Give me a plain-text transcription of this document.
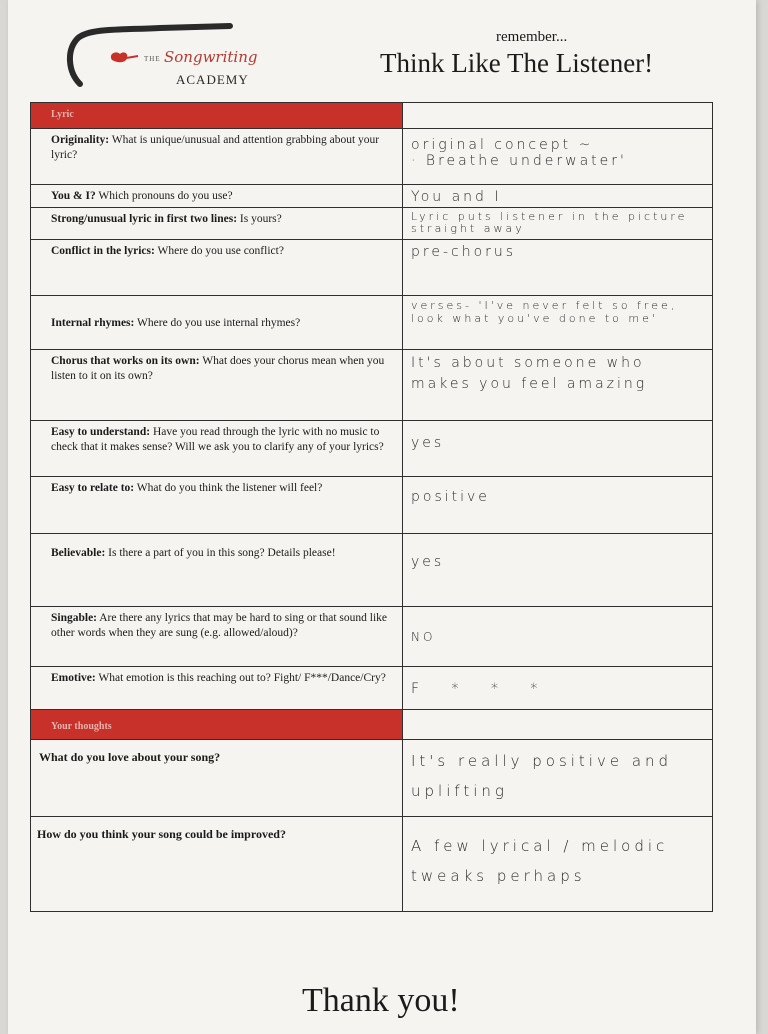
THE Songwriting
ACADEMY
remember...
Think Like The Listener!
Lyric	
Originality: What is unique/unusual and attention grabbing about your lyric?	original concept ~
· Breathe underwater'

You & I? Which pronouns do you use?	You and I

Strong/unusual lyric in first two lines: Is yours?	Lyric puts listener in the picture straight away

Conflict in the lyrics: Where do you use conflict?	pre-chorus

Internal rhymes: Where do you use internal rhymes?	verses- 'I've never felt so free, look what you've done to me'

Chorus that works on its own: What does your chorus mean when you listen to it on its own?	It's about someone who makes you feel amazing

Easy to understand: Have you read through the lyric with no music to check that it makes sense? Will we ask you to clarify any of your lyrics?	yes

Easy to relate to: What do you think the listener will feel?	positive

Believable: Is there a part of you in this song? Details please!	yes

Singable: Are there any lyrics that may be hard to sing or that sound like other words when they are sung (e.g. allowed/aloud)?	NO

Emotive: What emotion is this reaching out to? Fight/ F***/Dance/Cry?	F * * *

Your thoughts	
What do you love about your song?	It's really positive and uplifting

How do you think your song could be improved?	A few lyrical / melodic tweaks perhaps
Thank you!
